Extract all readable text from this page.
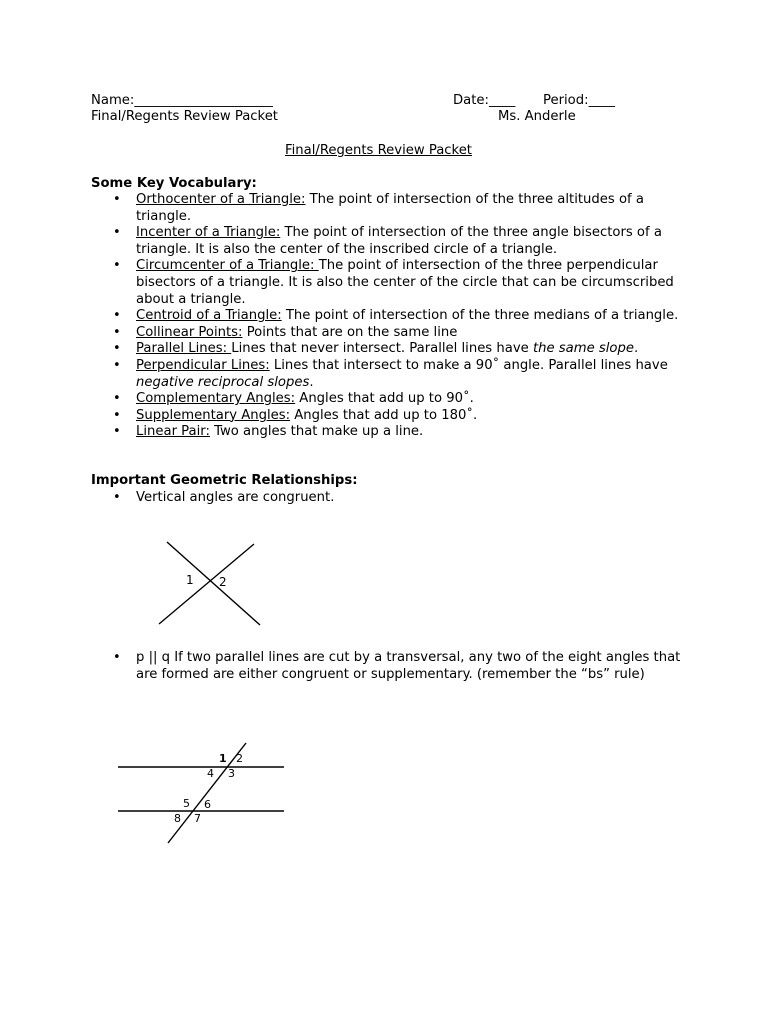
Name:_____________________	Date:____ Period:____
Final/Regents Review Packet	Ms. Anderle
Final/Regents Review Packet
Some Key Vocabulary:
• Orthocenter of a Triangle: The point of intersection of the three altitudes of a triangle.
• Incenter of a Triangle: The point of intersection of the three angle bisectors of a triangle. It is also the center of the inscribed circle of a triangle.
• Circumcenter of a Triangle: The point of intersection of the three perpendicular bisectors of a triangle. It is also the center of the circle that can be circumscribed about a triangle.
• Centroid of a Triangle: The point of intersection of the three medians of a triangle.
• Collinear Points: Points that are on the same line
• Parallel Lines: Lines that never intersect. Parallel lines have the same slope.
• Perpendicular Lines: Lines that intersect to make a 90˚ angle. Parallel lines have negative reciprocal slopes.
• Complementary Angles: Angles that add up to 90˚.
• Supplementary Angles: Angles that add up to 180˚.
• Linear Pair: Two angles that make up a line.
Important Geometric Relationships:
• Vertical angles are congruent.
1 2
• p || q If two parallel lines are cut by a transversal, any two of the eight angles that are formed are either congruent or supplementary. (remember the “bs” rule)
1 2
3
4
5 6
7
8
